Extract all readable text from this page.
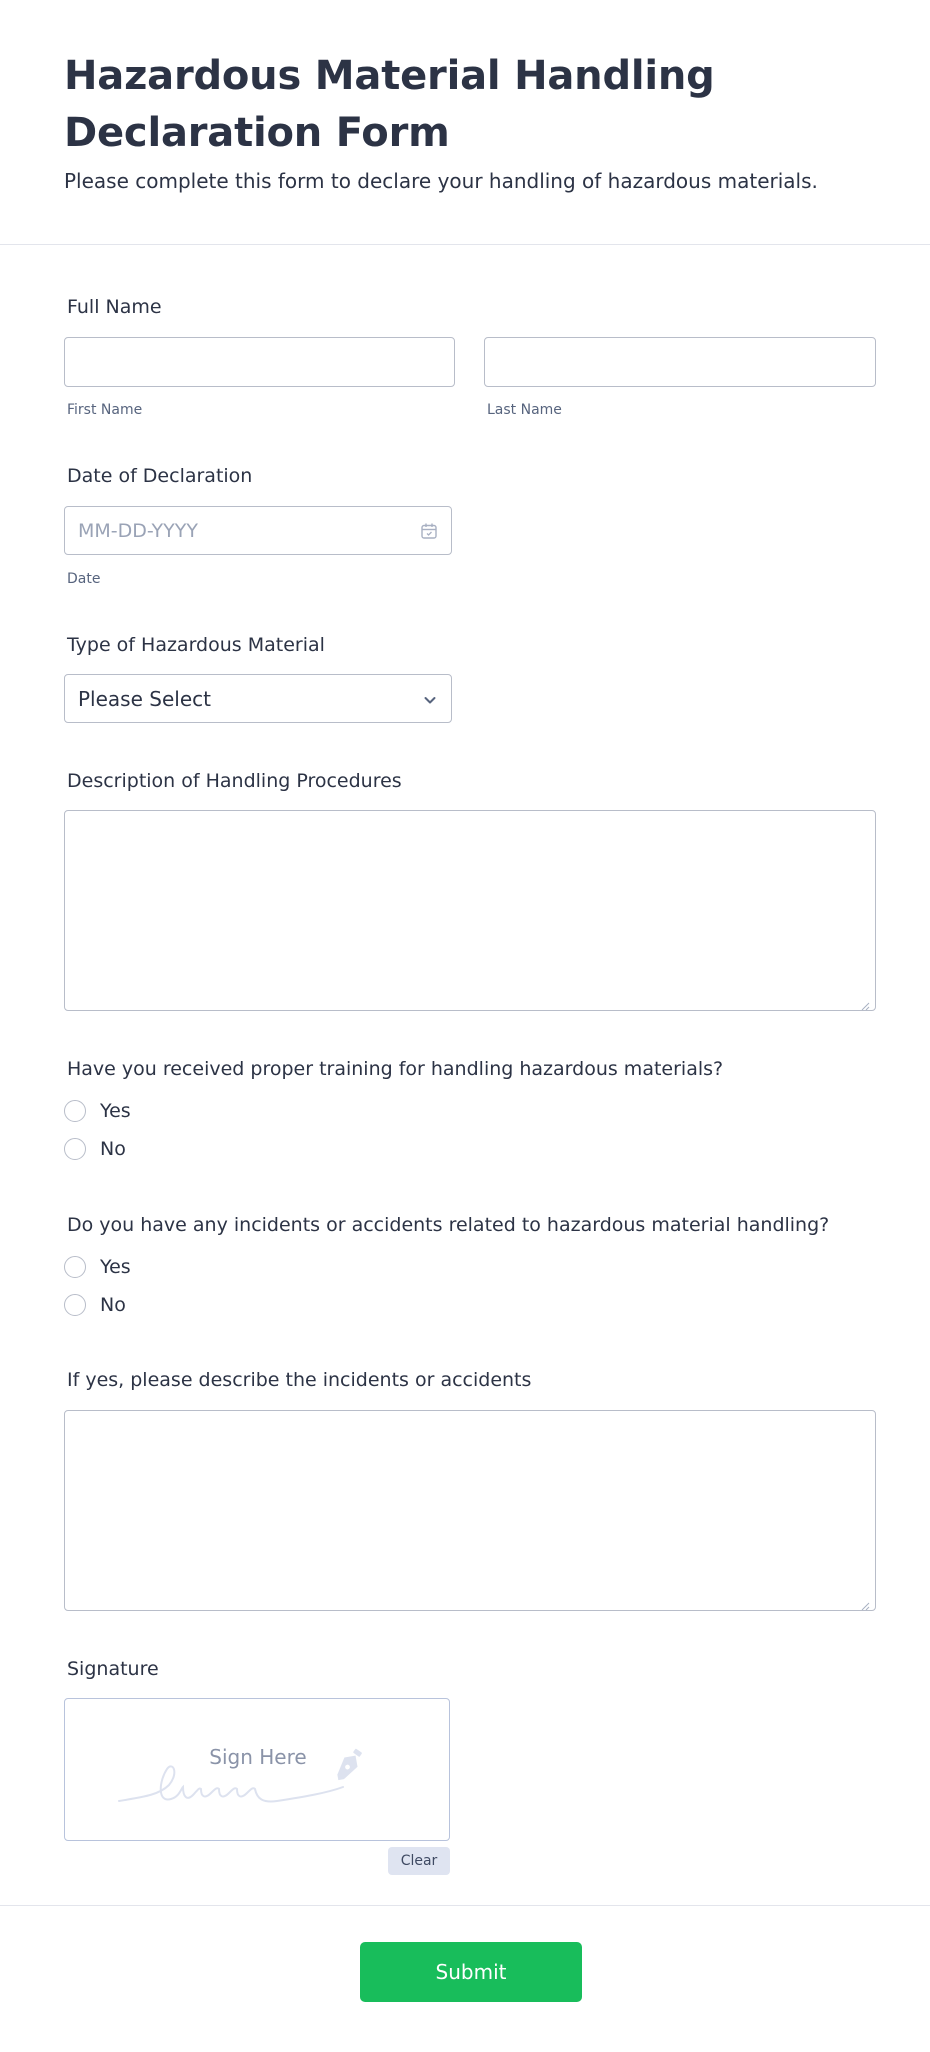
Hazardous Material Handling Declaration Form

Please complete this form to declare your handling of hazardous materials.

Full Name
First Name	Last Name
Date of Declaration
MM-DD-YYYY
Date
Type of Hazardous Material
Please Select
Description of Handling Procedures
Have you received proper training for handling hazardous materials?
Yes
No
Do you have any incidents or accidents related to hazardous material handling?
Yes
No
If yes, please describe the incidents or accidents
Signature
Sign Here
Clear
Submit
